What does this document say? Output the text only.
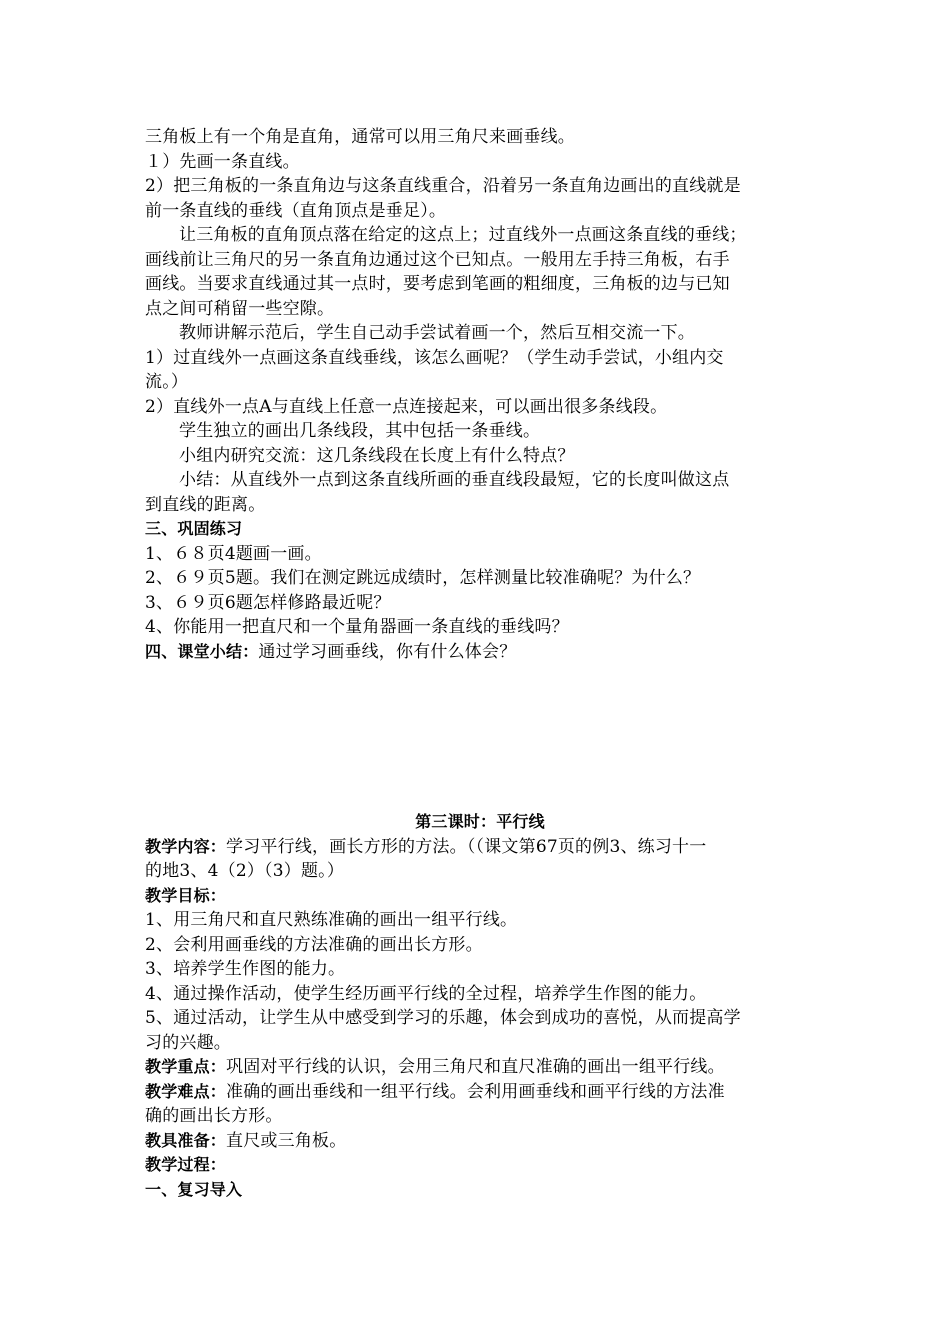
三角板上有一个角是直角，通常可以用三角尺来画垂线。
１）先画一条直线。
2）把三角板的一条直角边与这条直线重合，沿着另一条直角边画出的直线就是
前一条直线的垂线（直角顶点是垂足）。
让三角板的直角顶点落在给定的这点上；过直线外一点画这条直线的垂线；
画线前让三角尺的另一条直角边通过这个已知点。一般用左手持三角板，右手
画线。当要求直线通过其一点时，要考虑到笔画的粗细度，三角板的边与已知
点之间可稍留一些空隙。
教师讲解示范后，学生自己动手尝试着画一个，然后互相交流一下。
1）过直线外一点画这条直线垂线，该怎么画呢？（学生动手尝试，小组内交
流。）
2）直线外一点A与直线上任意一点连接起来，可以画出很多条线段。
学生独立的画出几条线段，其中包括一条垂线。
小组内研究交流：这几条线段在长度上有什么特点？
小结：从直线外一点到这条直线所画的垂直线段最短，它的长度叫做这点
到直线的距离。
三、巩固练习
1、６８页4题画一画。
2、６９页5题。我们在测定跳远成绩时，怎样测量比较准确呢？为什么？
3、６９页6题怎样修路最近呢？
4、你能用一把直尺和一个量角器画一条直线的垂线吗？
四、课堂小结：通过学习画垂线，你有什么体会？
第三课时：平行线
教学内容：学习平行线，画长方形的方法。（（课文第67页的例3、练习十一
的地3、4（2）（3）题。）
教学目标：
1、用三角尺和直尺熟练准确的画出一组平行线。
2、会利用画垂线的方法准确的画出长方形。
3、培养学生作图的能力。
4、通过操作活动，使学生经历画平行线的全过程，培养学生作图的能力。
5、通过活动，让学生从中感受到学习的乐趣，体会到成功的喜悦，从而提高学
习的兴趣。
教学重点：巩固对平行线的认识，会用三角尺和直尺准确的画出一组平行线。
教学难点：准确的画出垂线和一组平行线。会利用画垂线和画平行线的方法准
确的画出长方形。
教具准备：直尺或三角板。
教学过程：
一、复习导入
